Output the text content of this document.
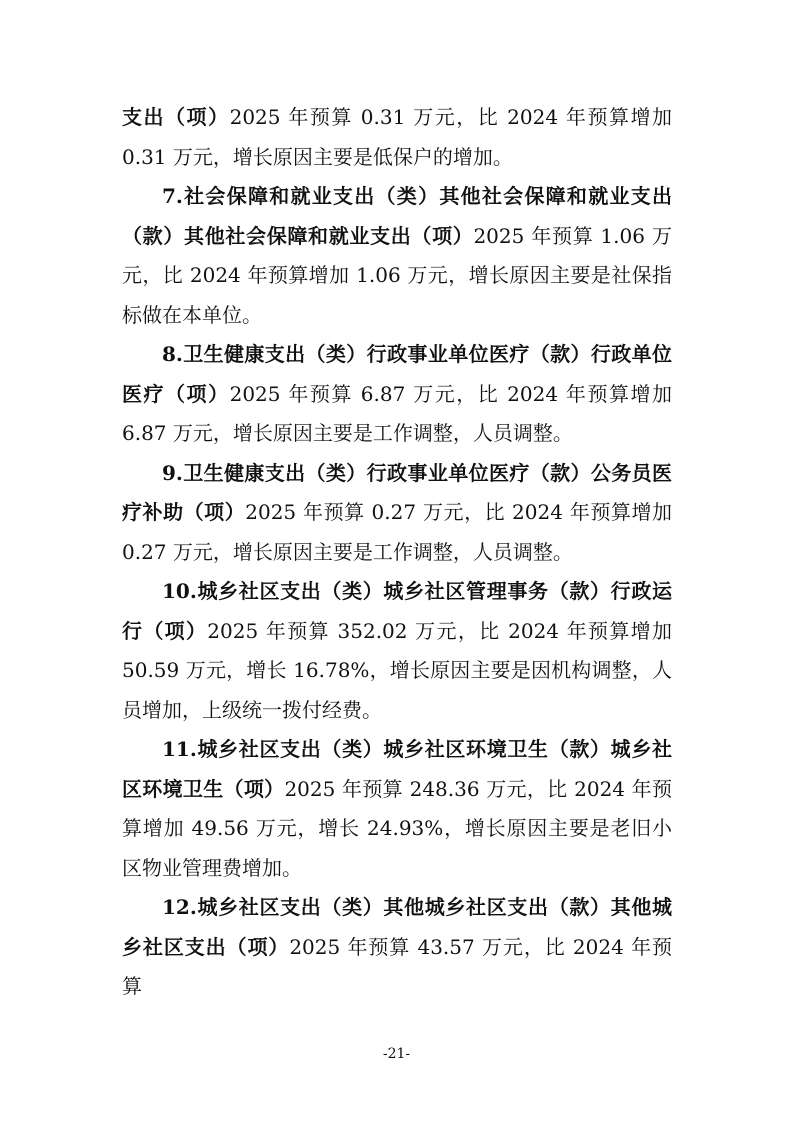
支出（项）2025 年预算 0.31 万元，比 2024 年预算增加 0.31 万元，增长原因主要是低保户的增加。

7.社会保障和就业支出（类）其他社会保障和就业支出（款）其他社会保障和就业支出（项）2025 年预算 1.06 万元，比 2024 年预算增加 1.06 万元，增长原因主要是社保指标做在本单位。

8.卫生健康支出（类）行政事业单位医疗（款）行政单位医疗（项）2025 年预算 6.87 万元，比 2024 年预算增加 6.87 万元，增长原因主要是工作调整，人员调整。

9.卫生健康支出（类）行政事业单位医疗（款）公务员医疗补助（项）2025 年预算 0.27 万元，比 2024 年预算增加 0.27 万元，增长原因主要是工作调整，人员调整。

10.城乡社区支出（类）城乡社区管理事务（款）行政运行（项）2025 年预算 352.02 万元，比 2024 年预算增加 50.59 万元，增长 16.78%，增长原因主要是因机构调整，人员增加，上级统一拨付经费。

11.城乡社区支出（类）城乡社区环境卫生（款）城乡社区环境卫生（项）2025 年预算 248.36 万元，比 2024 年预算增加 49.56 万元，增长 24.93%，增长原因主要是老旧小区物业管理费增加。

12.城乡社区支出（类）其他城乡社区支出（款）其他城乡社区支出（项）2025 年预算 43.57 万元，比 2024 年预算

-21-
